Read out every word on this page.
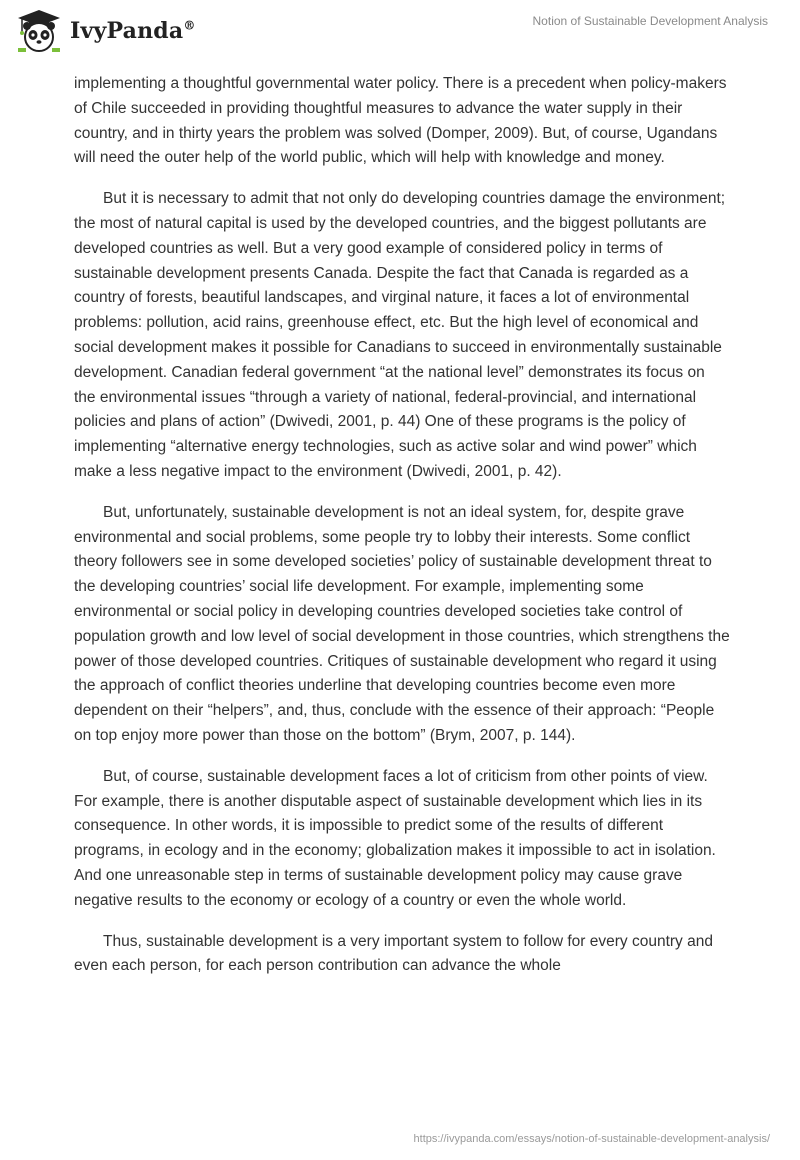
IvyPanda®	Notion of Sustainable Development Analysis

implementing a thoughtful governmental water policy. There is a precedent when policy-makers of Chile succeeded in providing thoughtful measures to advance the water supply in their country, and in thirty years the problem was solved (Domper, 2009). But, of course, Ugandans will need the outer help of the world public, which will help with knowledge and money.

But it is necessary to admit that not only do developing countries damage the environment; the most of natural capital is used by the developed countries, and the biggest pollutants are developed countries as well. But a very good example of considered policy in terms of sustainable development presents Canada. Despite the fact that Canada is regarded as a country of forests, beautiful landscapes, and virginal nature, it faces a lot of environmental problems: pollution, acid rains, greenhouse effect, etc. But the high level of economical and social development makes it possible for Canadians to succeed in environmentally sustainable development. Canadian federal government “at the national level” demonstrates its focus on the environmental issues “through a variety of national, federal-provincial, and international policies and plans of action” (Dwivedi, 2001, p. 44) One of these programs is the policy of implementing “alternative energy technologies, such as active solar and wind power” which make a less negative impact to the environment (Dwivedi, 2001, p. 42).

But, unfortunately, sustainable development is not an ideal system, for, despite grave environmental and social problems, some people try to lobby their interests. Some conflict theory followers see in some developed societies’ policy of sustainable development threat to the developing countries’ social life development. For example, implementing some environmental or social policy in developing countries developed societies take control of population growth and low level of social development in those countries, which strengthens the power of those developed countries. Critiques of sustainable development who regard it using the approach of conflict theories underline that developing countries become even more dependent on their “helpers”, and, thus, conclude with the essence of their approach: “People on top enjoy more power than those on the bottom” (Brym, 2007, p. 144).

But, of course, sustainable development faces a lot of criticism from other points of view. For example, there is another disputable aspect of sustainable development which lies in its consequence. In other words, it is impossible to predict some of the results of different programs, in ecology and in the economy; globalization makes it impossible to act in isolation. And one unreasonable step in terms of sustainable development policy may cause grave negative results to the economy or ecology of a country or even the whole world.

Thus, sustainable development is a very important system to follow for every country and even each person, for each person contribution can advance the whole

https://ivypanda.com/essays/notion-of-sustainable-development-analysis/
